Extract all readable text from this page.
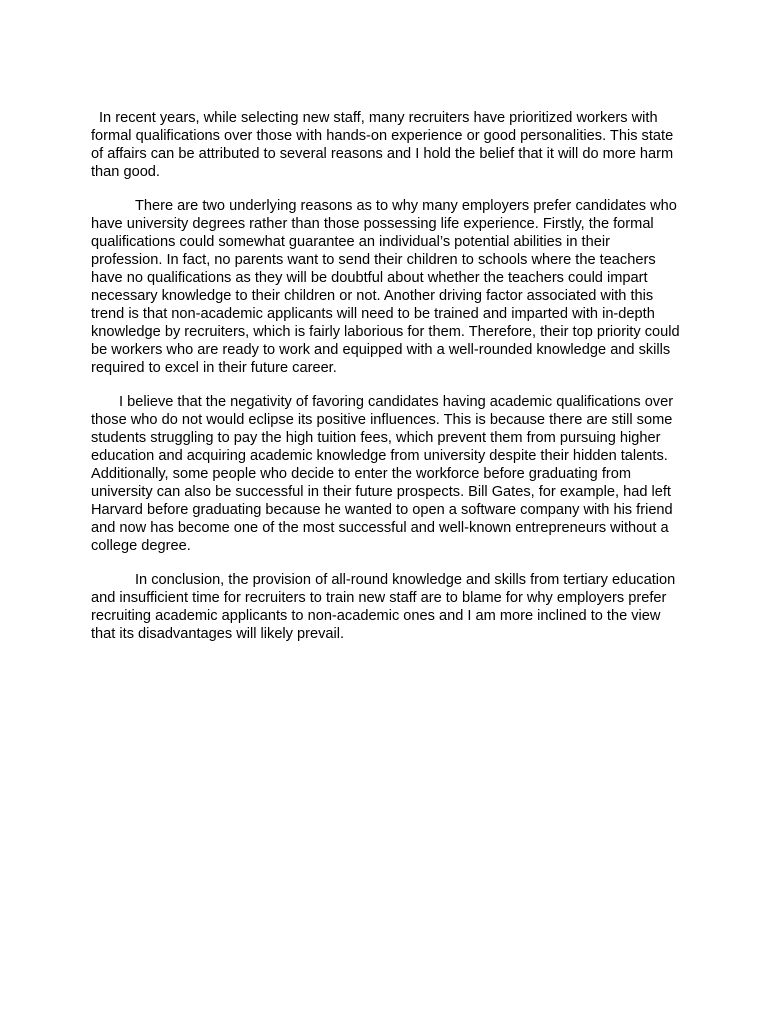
In recent years, while selecting new staff, many recruiters have prioritized workers with formal qualifications over those with hands-on experience or good personalities. This state of affairs can be attributed to several reasons and I hold the belief that it will do more harm than good.

There are two underlying reasons as to why many employers prefer candidates who have university degrees rather than those possessing life experience. Firstly, the formal qualifications could somewhat guarantee an individual’s potential abilities in their profession. In fact, no parents want to send their children to schools where the teachers have no qualifications as they will be doubtful about whether the teachers could impart necessary knowledge to their children or not. Another driving factor associated with this trend is that non-academic applicants will need to be trained and imparted with in-depth knowledge by recruiters, which is fairly laborious for them. Therefore, their top priority could be workers who are ready to work and equipped with a well-rounded knowledge and skills required to excel in their future career.

I believe that the negativity of favoring candidates having academic qualifications over those who do not would eclipse its positive influences. This is because there are still some students struggling to pay the high tuition fees, which prevent them from pursuing higher education and acquiring academic knowledge from university despite their hidden talents. Additionally, some people who decide to enter the workforce before graduating from university can also be successful in their future prospects. Bill Gates, for example, had left Harvard before graduating because he wanted to open a software company with his friend and now has become one of the most successful and well-known entrepreneurs without a college degree.

In conclusion, the provision of all-round knowledge and skills from tertiary education and insufficient time for recruiters to train new staff are to blame for why employers prefer recruiting academic applicants to non-academic ones and I am more inclined to the view that its disadvantages will likely prevail.
